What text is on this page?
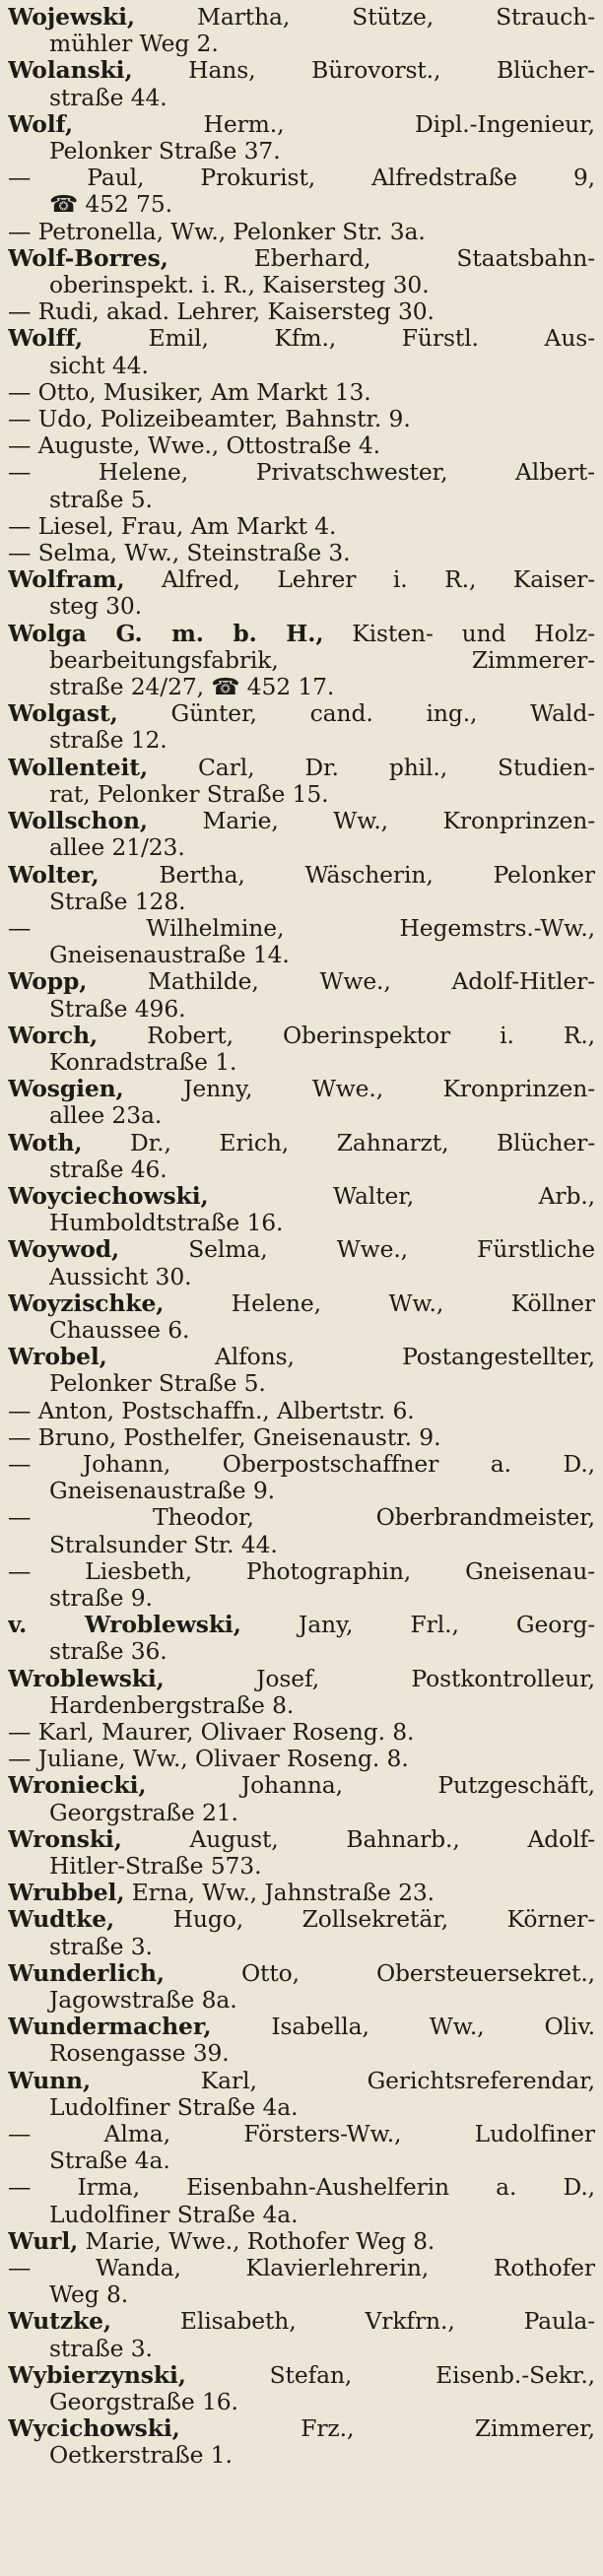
Wojewski, Martha, Stütze, Strauch-
mühler Weg 2.

Wolanski, Hans, Bürovorst., Blücher-
straße 44.

Wolf, Herm., Dipl.-Ingenieur,
Pelonker Straße 37.

— Paul, Prokurist, Alfredstraße 9,
☎ 452 75.

— Petronella, Ww., Pelonker Str. 3a.

Wolf-Borres, Eberhard, Staatsbahn-
oberinspekt. i. R., Kaisersteg 30.

— Rudi, akad. Lehrer, Kaisersteg 30.

Wolff, Emil, Kfm., Fürstl. Aus-
sicht 44.

— Otto, Musiker, Am Markt 13.

— Udo, Polizeibeamter, Bahnstr. 9.

— Auguste, Wwe., Ottostraße 4.

— Helene, Privatschwester, Albert-
straße 5.

— Liesel, Frau, Am Markt 4.

— Selma, Ww., Steinstraße 3.

Wolfram, Alfred, Lehrer i. R., Kaiser-
steg 30.

Wolga G. m. b. H., Kisten- und Holz-
bearbeitungsfabrik, Zimmerer-
straße 24/27, ☎ 452 17.

Wolgast, Günter, cand. ing., Wald-
straße 12.

Wollenteit, Carl, Dr. phil., Studien-
rat, Pelonker Straße 15.

Wollschon, Marie, Ww., Kronprinzen-
allee 21/23.

Wolter, Bertha, Wäscherin, Pelonker
Straße 128.

— Wilhelmine, Hegemstrs.-Ww.,
Gneisenaustraße 14.

Wopp, Mathilde, Wwe., Adolf-Hitler-
Straße 496.

Worch, Robert, Oberinspektor i. R.,
Konradstraße 1.

Wosgien, Jenny, Wwe., Kronprinzen-
allee 23a.

Woth, Dr., Erich, Zahnarzt, Blücher-
straße 46.

Woyciechowski, Walter, Arb.,
Humboldtstraße 16.

Woywod, Selma, Wwe., Fürstliche
Aussicht 30.

Woyzischke, Helene, Ww., Köllner
Chaussee 6.

Wrobel, Alfons, Postangestellter,
Pelonker Straße 5.

— Anton, Postschaffn., Albertstr. 6.

— Bruno, Posthelfer, Gneisenaustr. 9.

— Johann, Oberpostschaffner a. D.,
Gneisenaustraße 9.

— Theodor, Oberbrandmeister,
Stralsunder Str. 44.

— Liesbeth, Photographin, Gneisenau-
straße 9.

v. Wroblewski, Jany, Frl., Georg-
straße 36.

Wroblewski, Josef, Postkontrolleur,
Hardenbergstraße 8.

— Karl, Maurer, Olivaer Roseng. 8.

— Juliane, Ww., Olivaer Roseng. 8.

Wroniecki, Johanna, Putzgeschäft,
Georgstraße 21.

Wronski, August, Bahnarb., Adolf-
Hitler-Straße 573.

Wrubbel, Erna, Ww., Jahnstraße 23.

Wudtke, Hugo, Zollsekretär, Körner-
straße 3.

Wunderlich, Otto, Obersteuersekret.,
Jagowstraße 8a.

Wundermacher, Isabella, Ww., Oliv.
Rosengasse 39.

Wunn, Karl, Gerichtsreferendar,
Ludolfiner Straße 4a.

— Alma, Försters-Ww., Ludolfiner
Straße 4a.

— Irma, Eisenbahn-Aushelferin a. D.,
Ludolfiner Straße 4a.

Wurl, Marie, Wwe., Rothofer Weg 8.

— Wanda, Klavierlehrerin, Rothofer
Weg 8.

Wutzke, Elisabeth, Vrkfrn., Paula-
straße 3.

Wybierzynski, Stefan, Eisenb.-Sekr.,
Georgstraße 16.

Wycichowski, Frz., Zimmerer,
Oetkerstraße 1.
